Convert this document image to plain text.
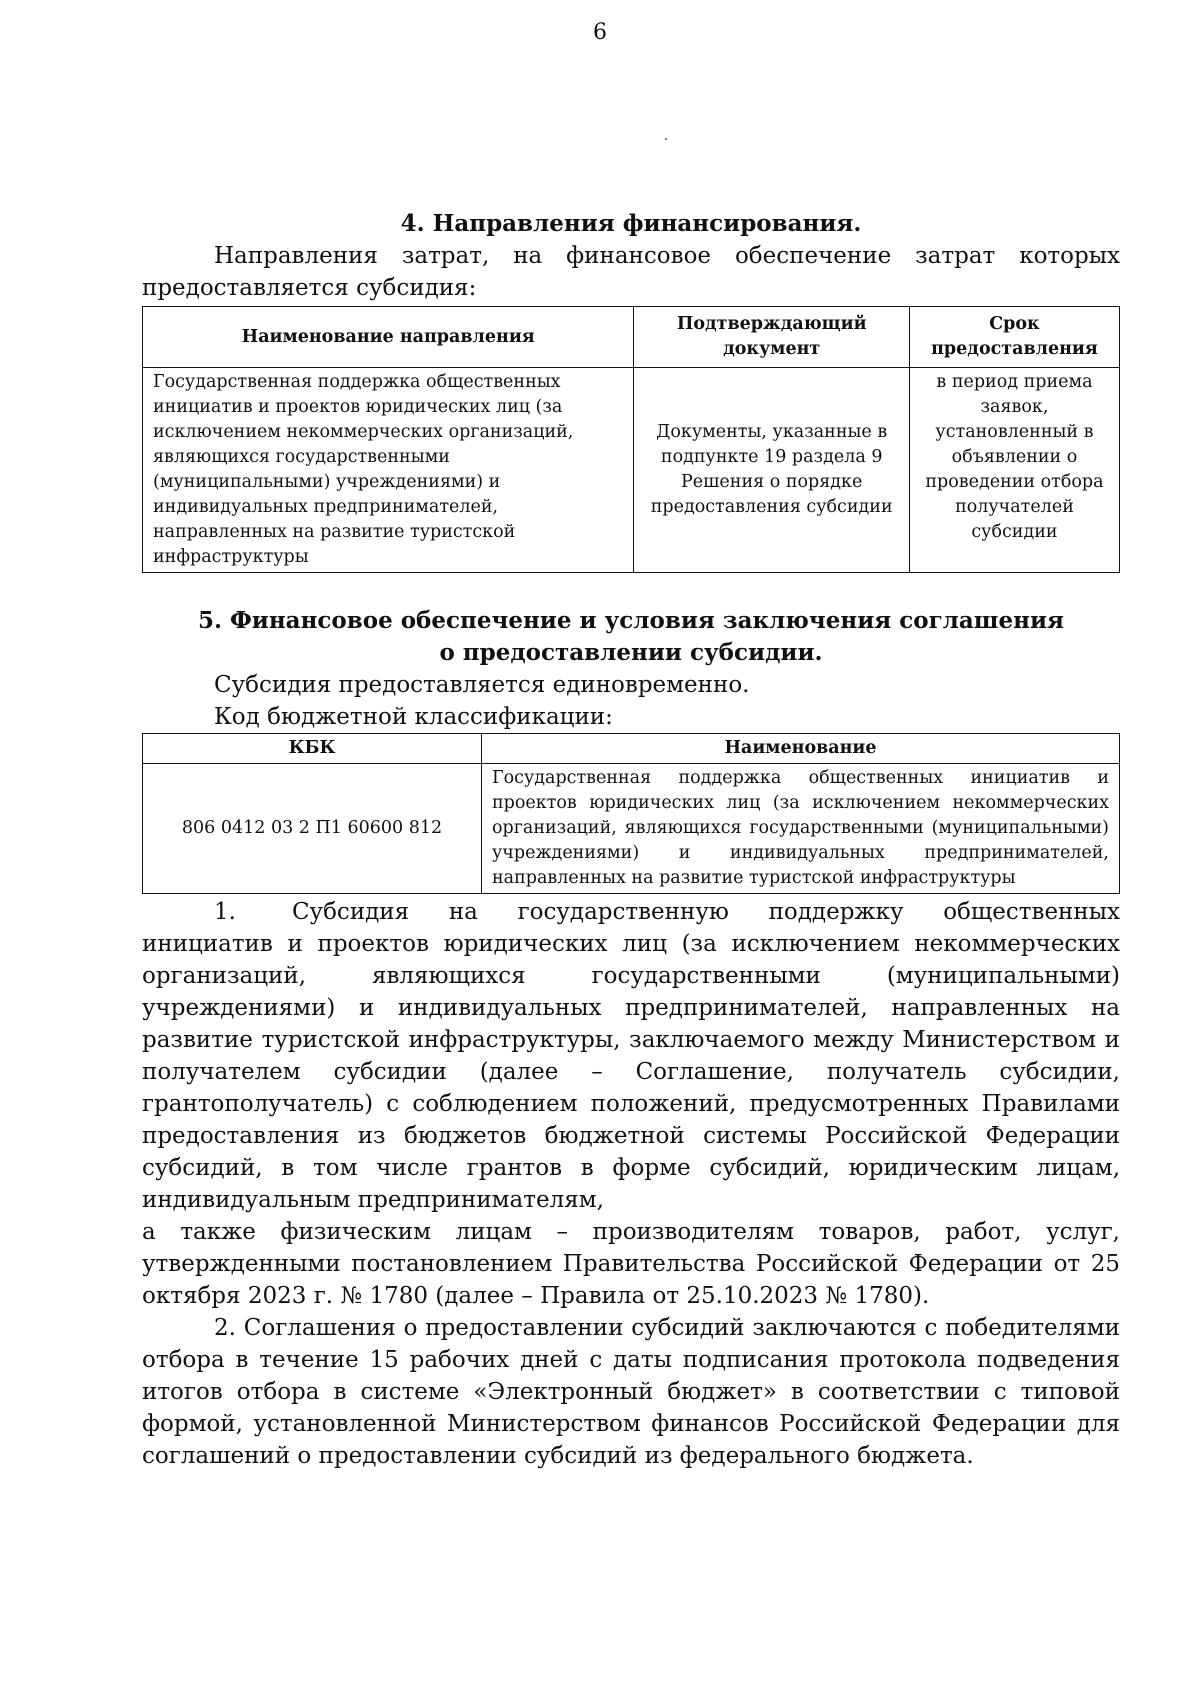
6
4. Направления финансирования.

Направления затрат, на финансовое обеспечение затрат которых

предоставляется субсидия:

Наименование направления	Подтверждающий документ	Срок предоставления
Государственная поддержка общественных инициатив и проектов юридических лиц (за исключением некоммерческих организаций, являющихся государственными (муниципальными) учреждениями) и индивидуальных предпринимателей, направленных на развитие туристской инфраструктуры	Документы, указанные в подпункте 19 раздела 9 Решения о порядке предоставления субсидии	в период приема заявок, установленный в объявлении о проведении отбора получателей субсидии
5. Финансовое обеспечение и условия заключения соглашения
о предоставлении субсидии.

Субсидия предоставляется единовременно.

Код бюджетной классификации:

КБК	Наименование
806 0412 03 2 П1 60600 812	Государственная поддержка общественных инициатив и проектов юридических лиц (за исключением некоммерческих организаций, являющихся государственными (муниципальными) учреждениями) и индивидуальных предпринимателей, направленных на развитие туристской инфраструктуры

1. Субсидия на государственную поддержку общественных инициатив и проектов юридических лиц (за исключением некоммерческих организаций, являющихся государственными (муниципальными) учреждениями) и индивидуальных предпринимателей, направленных на развитие туристской инфраструктуры, заключаемого между Министерством и получателем субсидии (далее – Соглашение, получатель субсидии, грантополучатель) с соблюдением положений, предусмотренных Правилами предоставления из бюджетов бюджетной системы Российской Федерации субсидий, в том числе грантов в форме субсидий, юридическим лицам, индивидуальным предпринимателям,

а также физическим лицам – производителям товаров, работ, услуг, утвержденными постановлением Правительства Российской Федерации от 25 октября 2023 г. № 1780 (далее – Правила от 25.10.2023 № 1780).

2. Соглашения о предоставлении субсидий заключаются с победителями отбора в течение 15 рабочих дней с даты подписания протокола подведения итогов отбора в системе «Электронный бюджет» в соответствии с типовой формой, установленной Министерством финансов Российской Федерации для соглашений о предоставлении субсидий из федерального бюджета.
